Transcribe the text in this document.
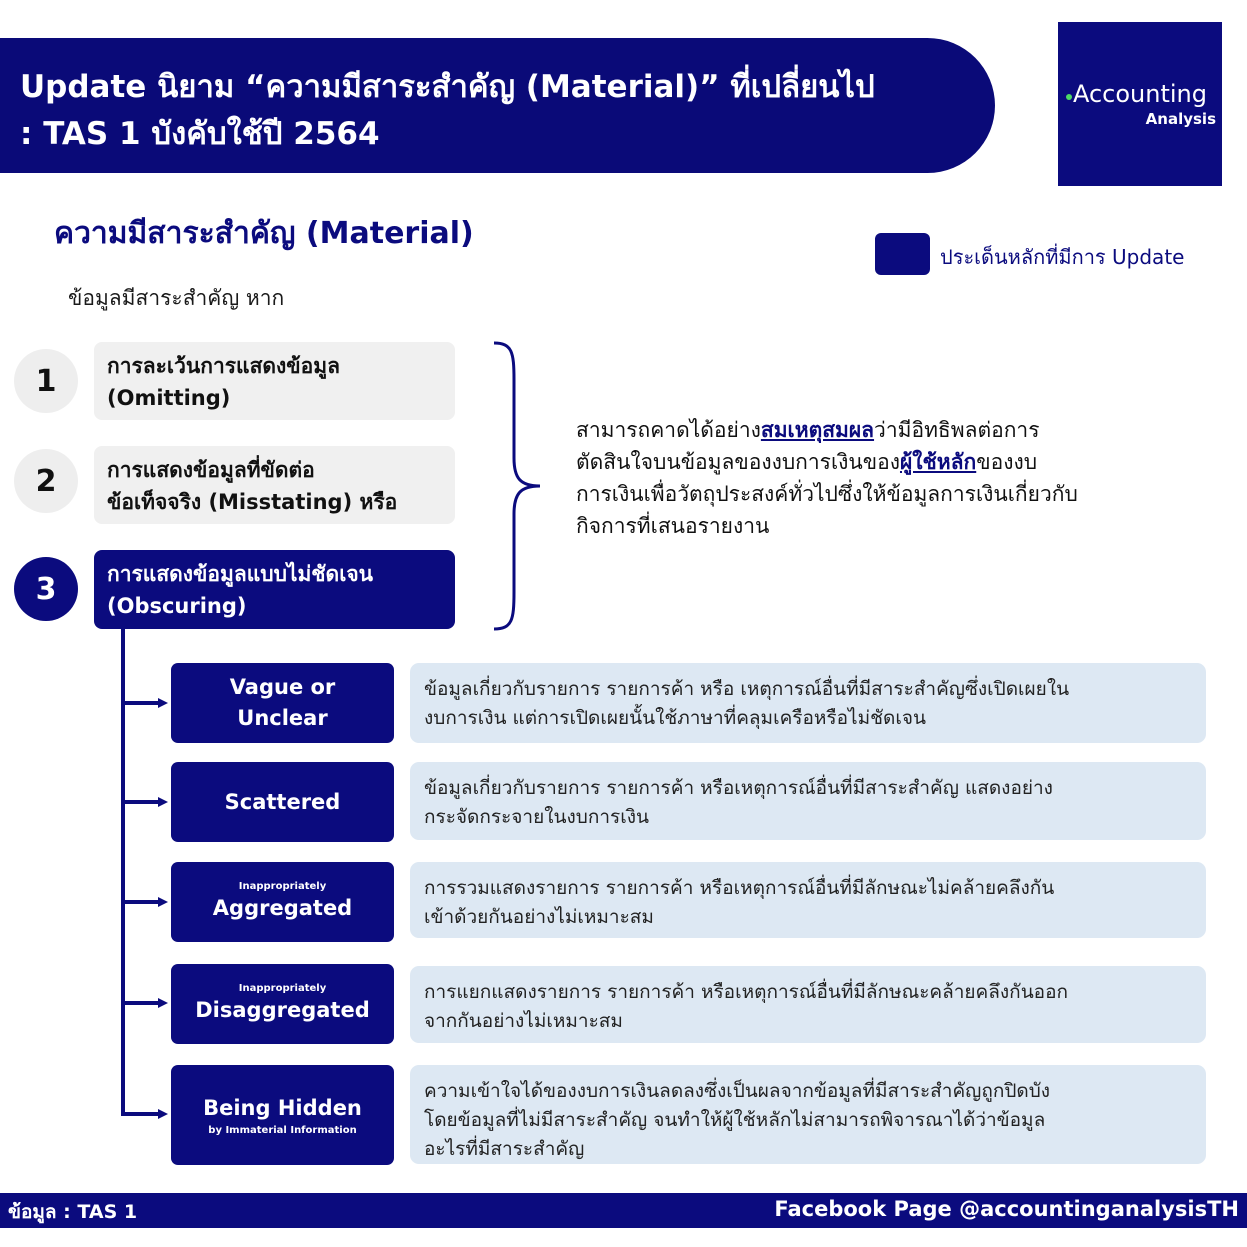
Update นิยาม “ความมีสาระสำคัญ (Material)” ที่เปลี่ยนไป
: TAS 1 บังคับใช้ปี 2564
Accounting
Analysis
ความมีสาระสำคัญ (Material)
ประเด็นหลักที่มีการ Update
ข้อมูลมีสาระสำคัญ หาก
1	การละเว้นการแสดงข้อมูล
(Omitting)
2	การแสดงข้อมูลที่ขัดต่อ
ข้อเท็จจริง (Misstating) หรือ
3	การแสดงข้อมูลแบบไม่ชัดเจน
(Obscuring)
สามารถคาดได้อย่างสมเหตุสมผลว่ามีอิทธิพลต่อการ
ตัดสินใจบนข้อมูลของงบการเงินของผู้ใช้หลักของงบ
การเงินเพื่อวัตถุประสงค์ทั่วไปซึ่งให้ข้อมูลการเงินเกี่ยวกับ
กิจการที่เสนอรายงาน
Vague or
Unclear
ข้อมูลเกี่ยวกับรายการ รายการค้า หรือ เหตุการณ์อื่นที่มีสาระสำคัญซึ่งเปิดเผยใน
งบการเงิน แต่การเปิดเผยนั้นใช้ภาษาที่คลุมเครือหรือไม่ชัดเจน
Scattered
ข้อมูลเกี่ยวกับรายการ รายการค้า หรือเหตุการณ์อื่นที่มีสาระสำคัญ แสดงอย่าง
กระจัดกระจายในงบการเงิน
Inappropriately
Aggregated
การรวมแสดงรายการ รายการค้า หรือเหตุการณ์อื่นที่มีลักษณะไม่คล้ายคลึงกัน
เข้าด้วยกันอย่างไม่เหมาะสม
Inappropriately
Disaggregated
การแยกแสดงรายการ รายการค้า หรือเหตุการณ์อื่นที่มีลักษณะคล้ายคลึงกันออก
จากกันอย่างไม่เหมาะสม
Being Hidden
by Immaterial Information
ความเข้าใจได้ของงบการเงินลดลงซึ่งเป็นผลจากข้อมูลที่มีสาระสำคัญถูกปิดบัง
โดยข้อมูลที่ไม่มีสาระสำคัญ จนทำให้ผู้ใช้หลักไม่สามารถพิจารณาได้ว่าข้อมูล
อะไรที่มีสาระสำคัญ
ข้อมูล : TAS 1	Facebook Page @accountinganalysisTH
